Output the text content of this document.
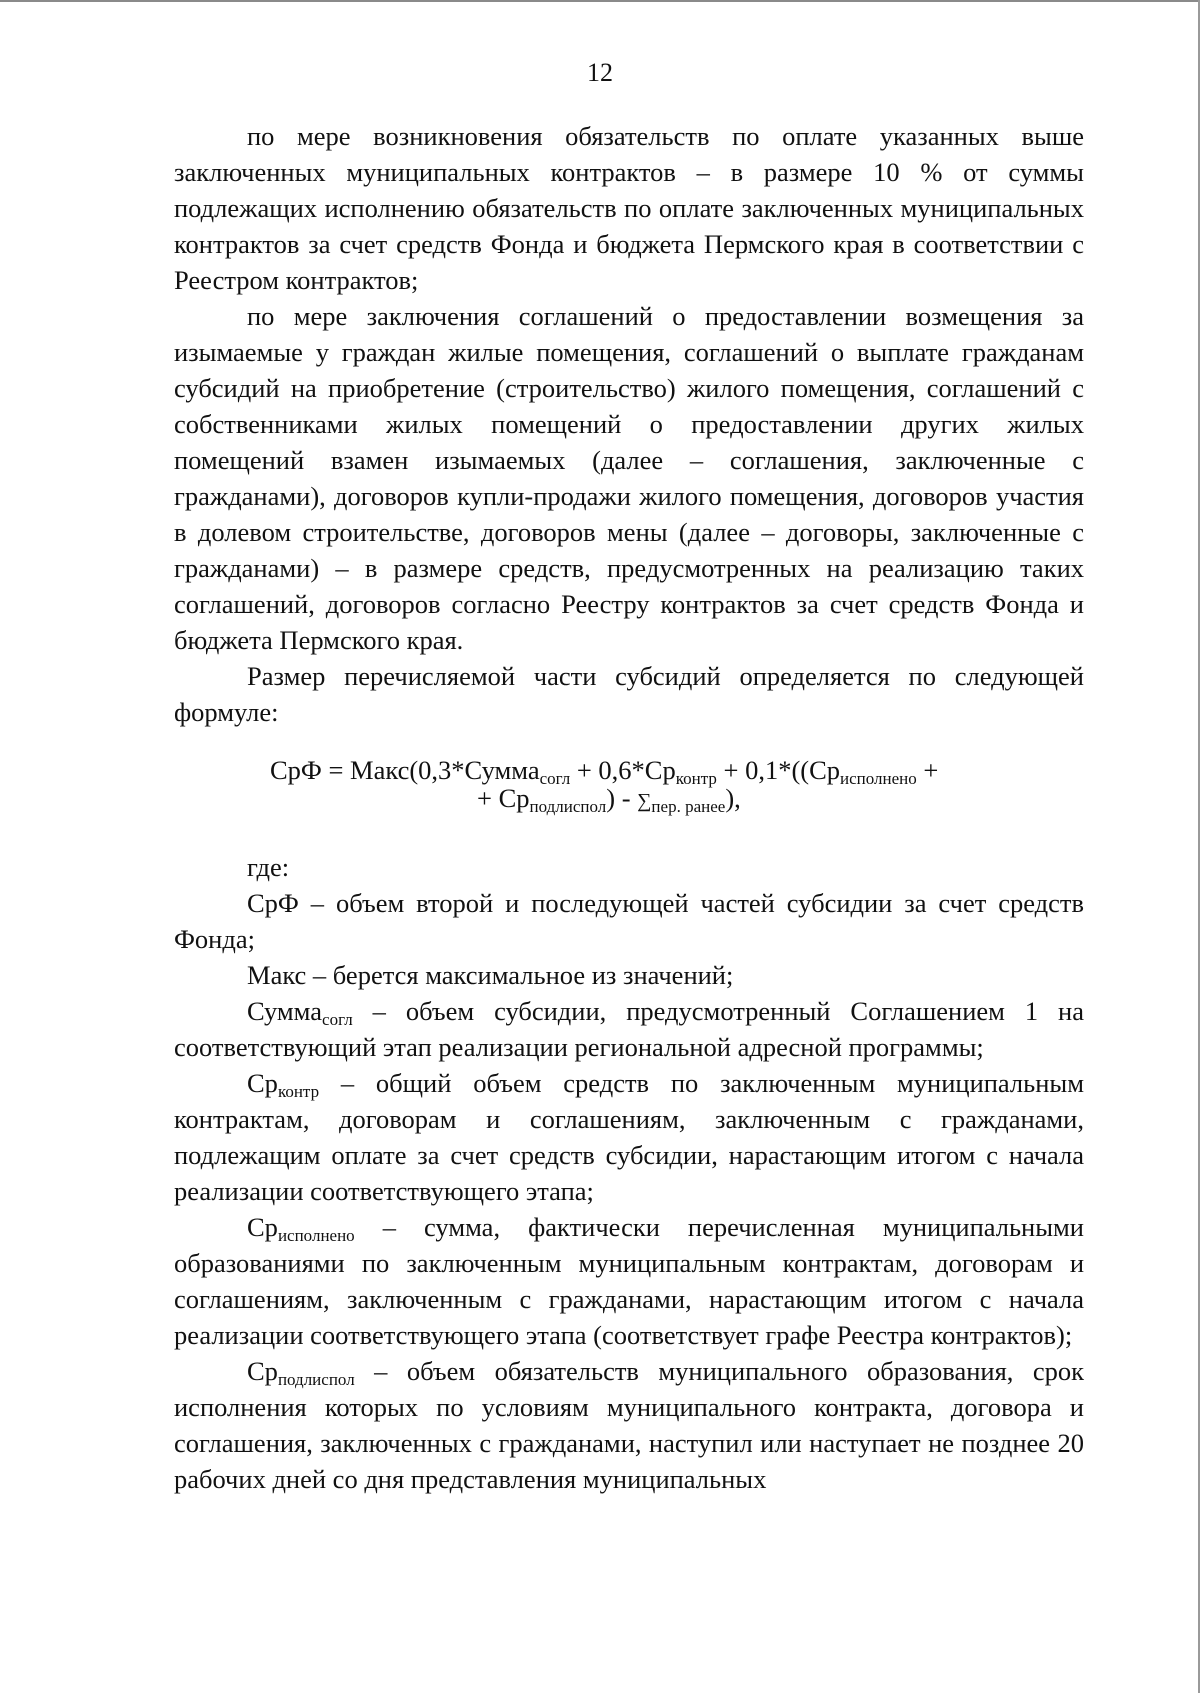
12

по мере возникновения обязательств по оплате указанных выше заключенных муниципальных контрактов – в размере 10 % от суммы подлежащих исполнению обязательств по оплате заключенных муниципальных контрактов за счет средств Фонда и бюджета Пермского края в соответствии с Реестром контрактов;

по мере заключения соглашений о предоставлении возмещения за изымаемые у граждан жилые помещения, соглашений о выплате гражданам субсидий на приобретение (строительство) жилого помещения, соглашений с собственниками жилых помещений о предоставлении других жилых помещений взамен изымаемых (далее – соглашения, заключенные с гражданами), договоров купли-продажи жилого помещения, договоров участия в долевом строительстве, договоров мены (далее – договоры, заключенные с гражданами) – в размере средств, предусмотренных на реализацию таких соглашений, договоров согласно Реестру контрактов за счет средств Фонда и бюджета Пермского края.

Размер перечисляемой части субсидий определяется по следующей формуле:

СрФ = Макс(0,3*Сумма$_{согл}$ + $0,6*Ср_{контр} + 0,1*((Ср_{исполнено}$ +
+ $Ср_{подлиспол}) - \sum_{пер. ранее}$),

где:

СрФ – объем второй и последующей частей субсидии за счет средств Фонда;

Макс – берется максимальное из значений;

Сумма$_{согл}$ – объем субсидии, предусмотренный Соглашением 1 на соответствующий этап реализации региональной адресной программы;

$Ср_{контр}$ – общий объем средств по заключенным муниципальным контрактам, договорам и соглашениям, заключенным с гражданами, подлежащим оплате за счет средств субсидии, нарастающим итогом с начала реализации соответствующего этапа;

$Ср_{исполнено}$ – сумма, фактически перечисленная муниципальными образованиями по заключенным муниципальным контрактам, договорам и соглашениям, заключенным с гражданами, нарастающим итогом с начала реализации соответствующего этапа (соответствует графе Реестра контрактов);

$Ср_{подлиспол}$ – объем обязательств муниципального образования, срок исполнения которых по условиям муниципального контракта, договора и соглашения, заключенных с гражданами, наступил или наступает не позднее 20 рабочих дней со дня представления муниципальных
